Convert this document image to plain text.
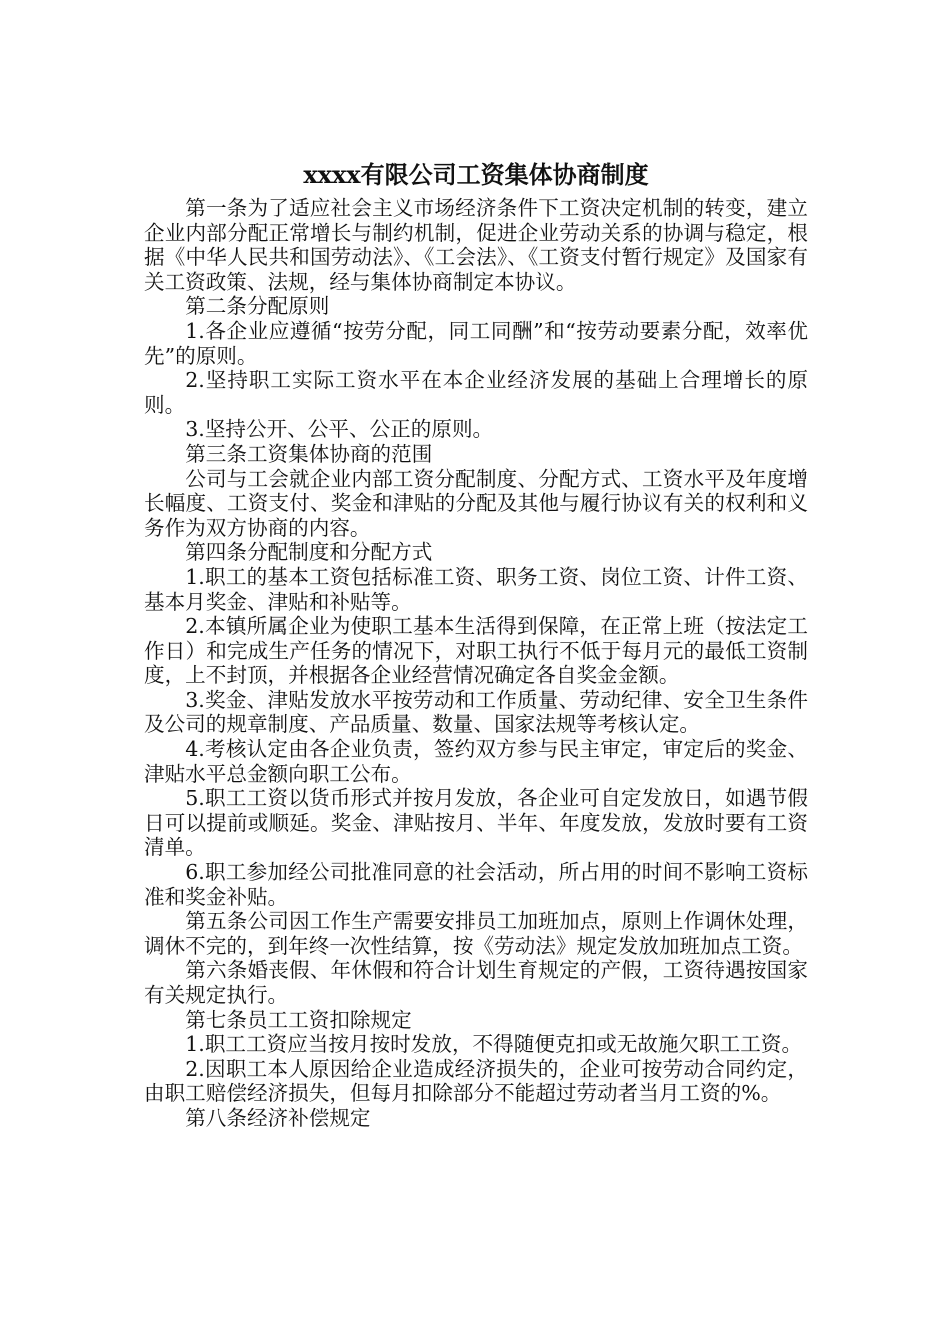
xxxx有限公司工资集体协商制度

第一条为了适应社会主义市场经济条件下工资决定机制的转变，建立企业内部分配正常增长与制约机制，促进企业劳动关系的协调与稳定，根据《中华人民共和国劳动法》、《工会法》、《工资支付暂行规定》及国家有关工资政策、法规，经与集体协商制定本协议。

第二条分配原则

1.各企业应遵循“按劳分配，同工同酬”和“按劳动要素分配，效率优先”的原则。

2.坚持职工实际工资水平在本企业经济发展的基础上合理增长的原则。

3.坚持公开、公平、公正的原则。

第三条工资集体协商的范围

公司与工会就企业内部工资分配制度、分配方式、工资水平及年度增长幅度、工资支付、奖金和津贴的分配及其他与履行协议有关的权利和义务作为双方协商的内容。

第四条分配制度和分配方式

1.职工的基本工资包括标准工资、职务工资、岗位工资、计件工资、基本月奖金、津贴和补贴等。

2.本镇所属企业为使职工基本生活得到保障，在正常上班（按法定工作日）和完成生产任务的情况下，对职工执行不低于每月元的最低工资制度，上不封顶，并根据各企业经营情况确定各自奖金金额。

3.奖金、津贴发放水平按劳动和工作质量、劳动纪律、安全卫生条件及公司的规章制度、产品质量、数量、国家法规等考核认定。

4.考核认定由各企业负责，签约双方参与民主审定，审定后的奖金、津贴水平总金额向职工公布。

5.职工工资以货币形式并按月发放，各企业可自定发放日，如遇节假日可以提前或顺延。奖金、津贴按月、半年、年度发放，发放时要有工资清单。

6.职工参加经公司批准同意的社会活动，所占用的时间不影响工资标准和奖金补贴。

第五条公司因工作生产需要安排员工加班加点，原则上作调休处理，调休不完的，到年终一次性结算，按《劳动法》规定发放加班加点工资。

第六条婚丧假、年休假和符合计划生育规定的产假，工资待遇按国家有关规定执行。

第七条员工工资扣除规定

1.职工工资应当按月按时发放，不得随便克扣或无故施欠职工工资。

2.因职工本人原因给企业造成经济损失的，企业可按劳动合同约定，由职工赔偿经济损失，但每月扣除部分不能超过劳动者当月工资的%。

第八条经济补偿规定
